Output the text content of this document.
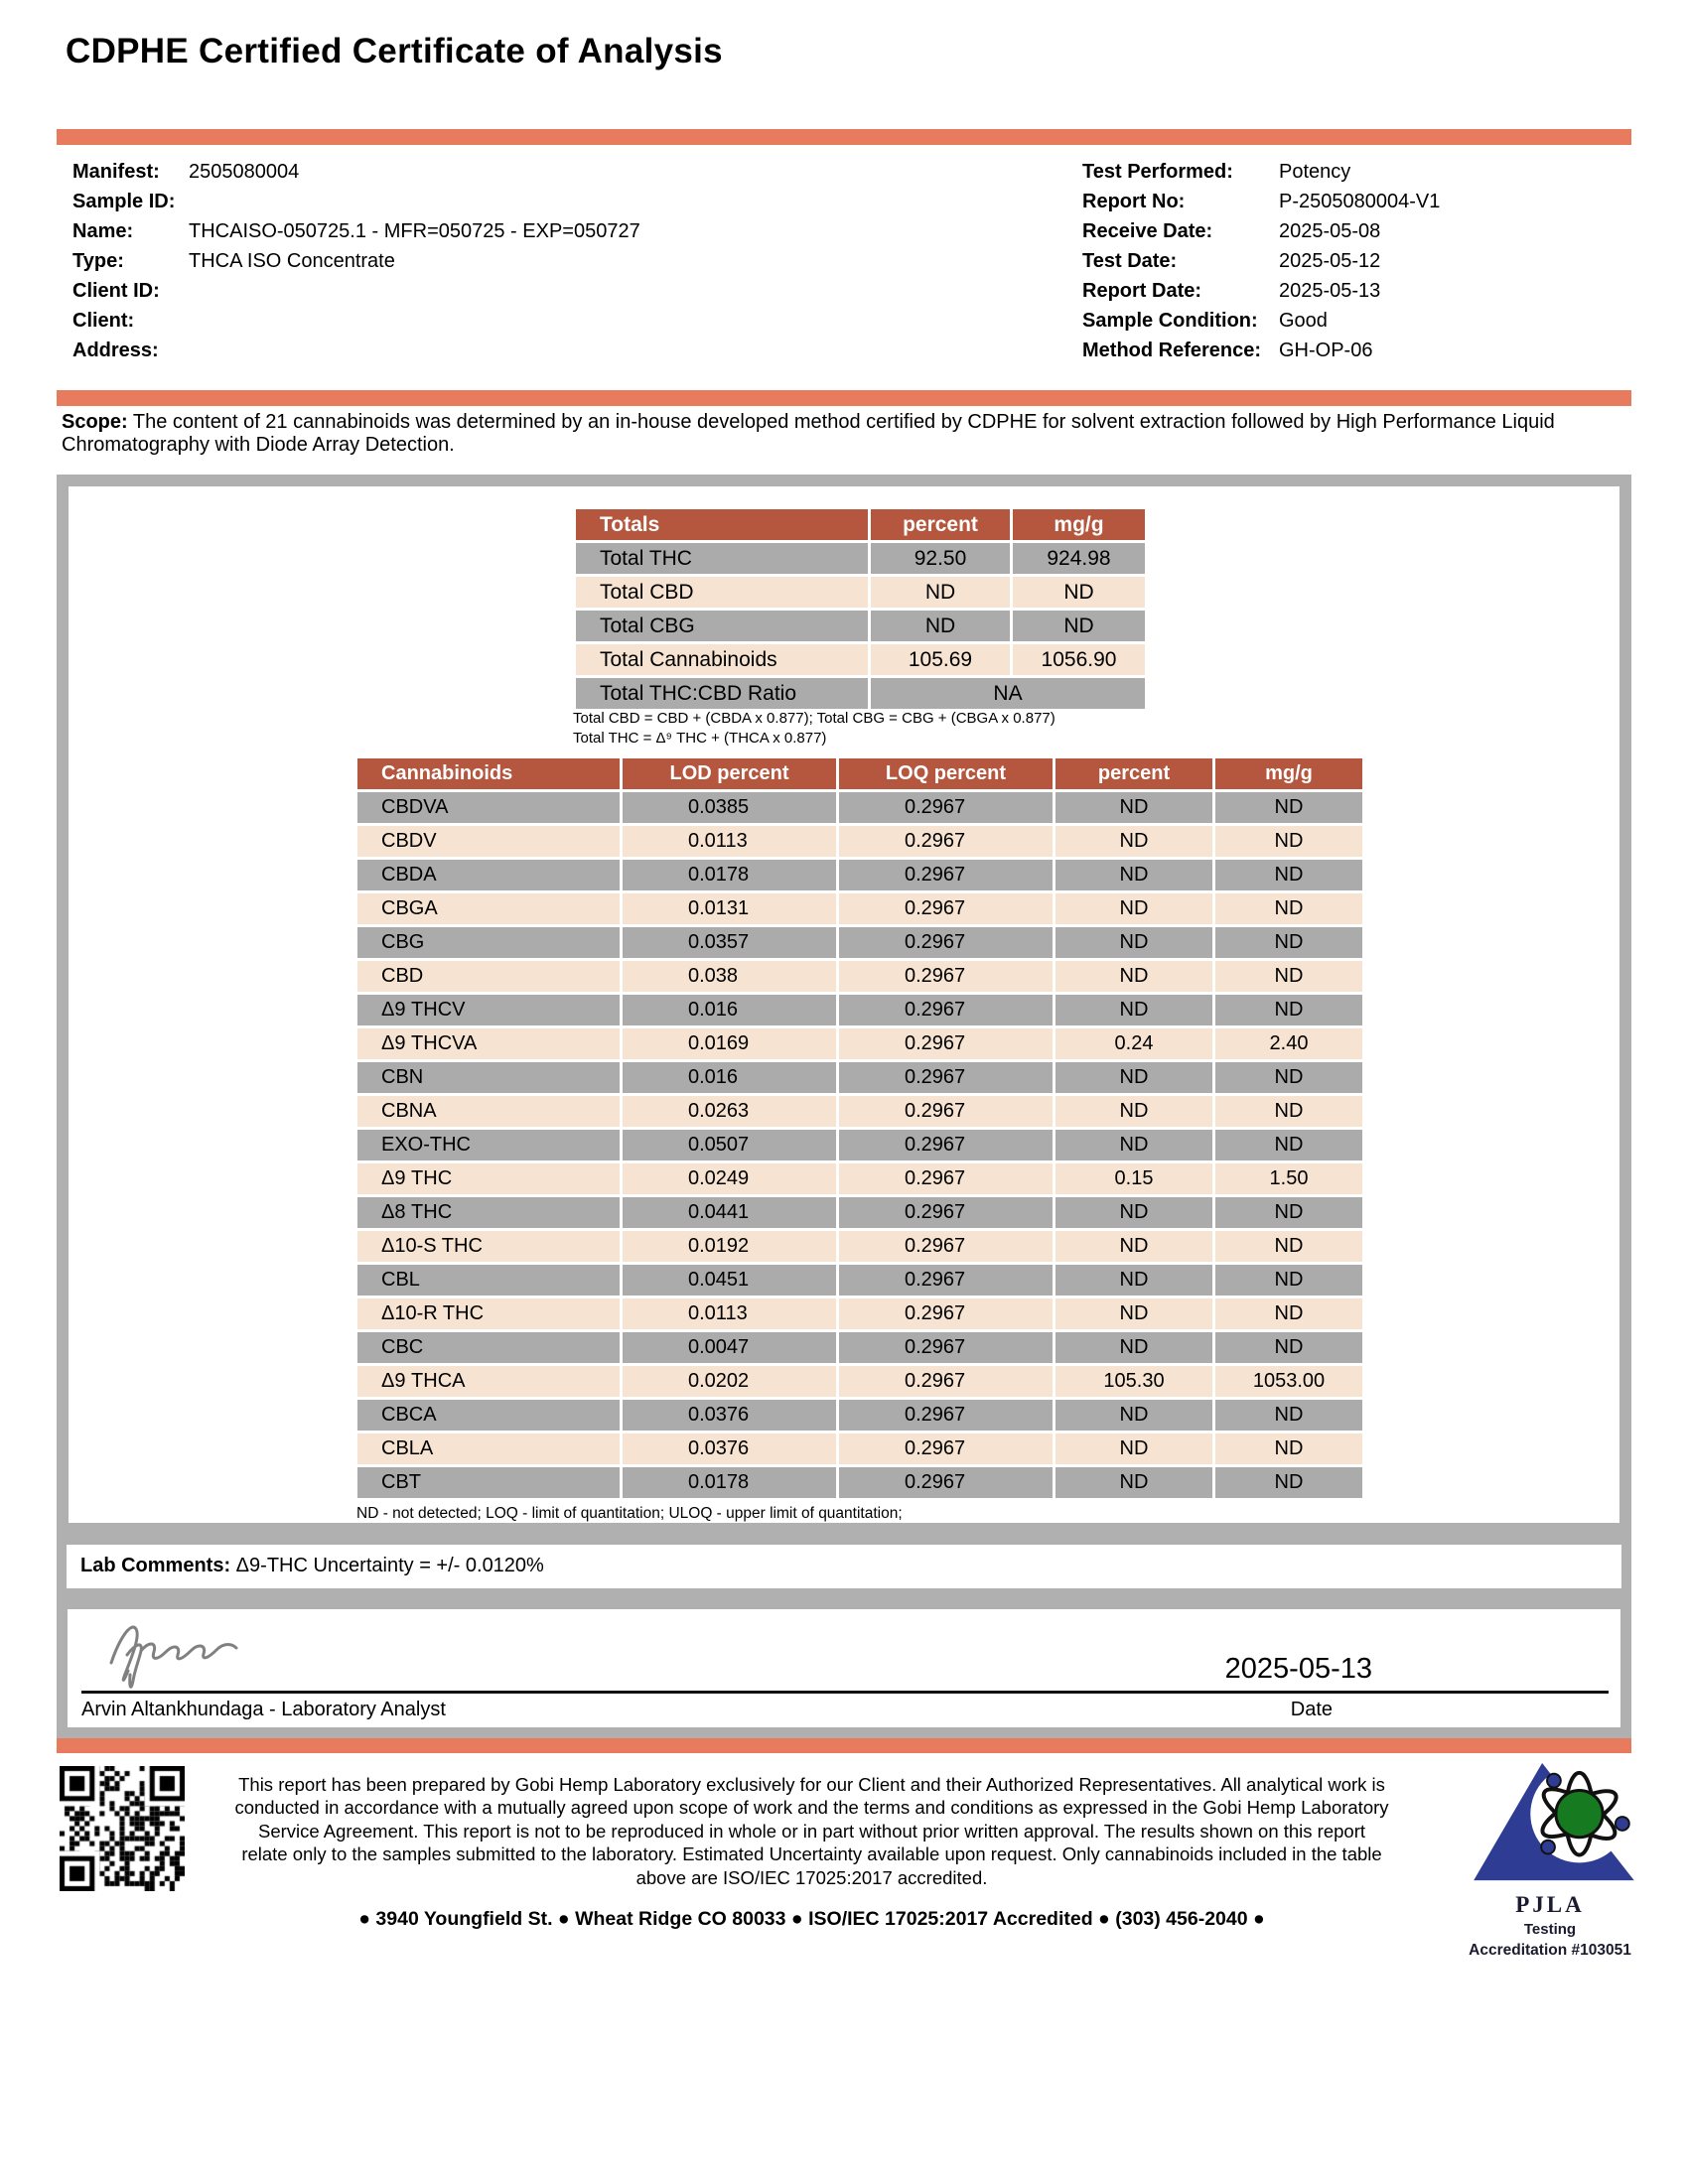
CDPHE Certified Certificate of Analysis
Manifest:	2505080004
Sample ID:
Name:	THCAISO-050725.1 - MFR=050725 - EXP=050727
Type:	THCA ISO Concentrate
Client ID:
Client:
Address:
Test Performed:	Potency
Report No:	P-2505080004-V1
Receive Date:	2025-05-08
Test Date:	2025-05-12
Report Date:	2025-05-13
Sample Condition:	Good
Method Reference: GH-OP-06
Scope: The content of 21 cannabinoids was determined by an in-house developed method certified by CDPHE for solvent extraction followed by High Performance Liquid Chromatography with Diode Array Detection.
Totals	percent	mg/g
Total THC	92.50	924.98
Total CBD	ND	ND
Total CBG	ND	ND
Total Cannabinoids	105.69	1056.90
Total THC:CBD Ratio	NA	
Total CBD = CBD + (CBDA x 0.877); Total CBG = CBG + (CBGA x 0.877)
Total THC = Δ⁹ THC + (THCA x 0.877)
Cannabinoids	LOD percent	LOQ percent	percent	mg/g
CBDVA	0.0385	0.2967	ND	ND
CBDV	0.0113	0.2967	ND	ND
CBDA	0.0178	0.2967	ND	ND
CBGA	0.0131	0.2967	ND	ND
CBG	0.0357	0.2967	ND	ND
CBD	0.038	0.2967	ND	ND
Δ9 THCV	0.016	0.2967	ND	ND
Δ9 THCVA	0.0169	0.2967	0.24	2.40
CBN	0.016	0.2967	ND	ND
CBNA	0.0263	0.2967	ND	ND
EXO-THC	0.0507	0.2967	ND	ND
Δ9 THC	0.0249	0.2967	0.15	1.50
Δ8 THC	0.0441	0.2967	ND	ND
Δ10-S THC	0.0192	0.2967	ND	ND
CBL	0.0451	0.2967	ND	ND
Δ10-R THC	0.0113	0.2967	ND	ND
CBC	0.0047	0.2967	ND	ND
Δ9 THCA	0.0202	0.2967	105.30	1053.00
CBCA	0.0376	0.2967	ND	ND
CBLA	0.0376	0.2967	ND	ND
CBT	0.0178	0.2967	ND	ND
ND - not detected; LOQ - limit of quantitation; ULOQ - upper limit of quantitation;
Lab Comments: Δ9-THC Uncertainty = +/- 0.0120%
2025-05-13
Arvin Altankhundaga - Laboratory Analyst	Date
This report has been prepared by Gobi Hemp Laboratory exclusively for our Client and their Authorized Representatives. All analytical work is conducted in accordance with a mutually agreed upon scope of work and the terms and conditions as expressed in the Gobi Hemp Laboratory Service Agreement. This report is not to be reproduced in whole or in part without prior written approval. The results shown on this report relate only to the samples submitted to the laboratory. Estimated Uncertainty available upon request. Only cannabinoids included in the table above are ISO/IEC 17025:2017 accredited.
● 3940 Youngfield St. ● Wheat Ridge CO 80033 ● ISO/IEC 17025:2017 Accredited ● (303) 456-2040 ●
PJLA
Testing
Accreditation #103051
